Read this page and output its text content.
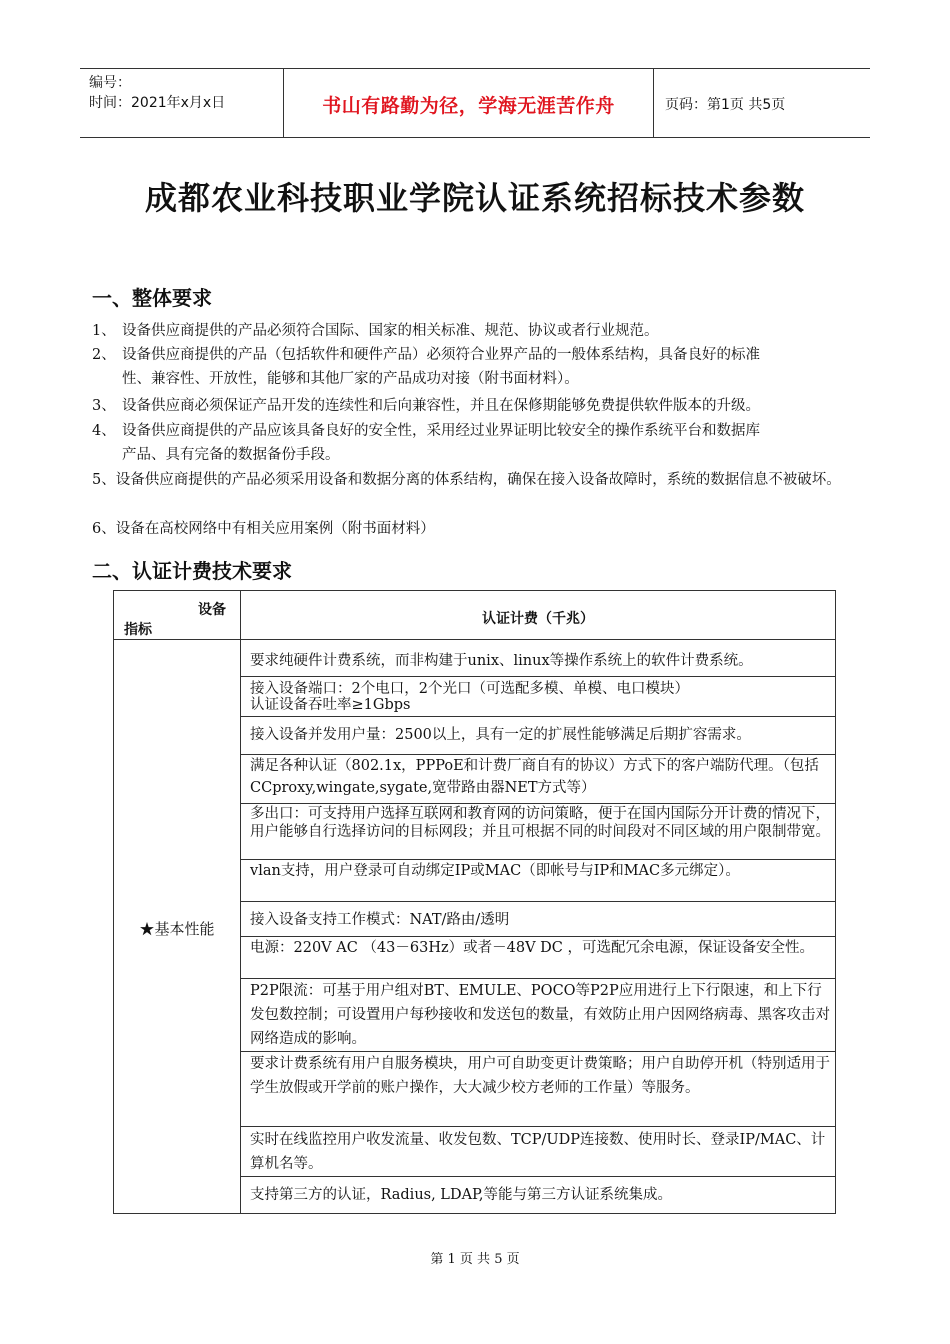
编号：
时间：2021年x月x日	书山有路勤为径，学海无涯苦作舟	页码：第1页 共5页
成都农业科技职业学院认证系统招标技术参数
一、整体要求
1、 设备供应商提供的产品必须符合国际、国家的相关标准、规范、协议或者行业规范。
2、 设备供应商提供的产品（包括软件和硬件产品）必须符合业界产品的一般体系结构，具备良好的标准
性、兼容性、开放性，能够和其他厂家的产品成功对接（附书面材料）。
3、 设备供应商必须保证产品开发的连续性和后向兼容性，并且在保修期能够免费提供软件版本的升级。
4、 设备供应商提供的产品应该具备良好的安全性，采用经过业界证明比较安全的操作系统平台和数据库
产品、具有完备的数据备份手段。
5、设备供应商提供的产品必须采用设备和数据分离的体系结构，确保在接入设备故障时，系统的数据信息不被破坏。
6、设备在高校网络中有相关应用案例（附书面材料）
二、认证计费技术要求
设备
指标
认证计费（千兆）
★基本性能
要求纯硬件计费系统，而非构建于unix、linux等操作系统上的软件计费系统。
接入设备端口：2个电口，2个光口（可选配多模、单模、电口模块）
认证设备吞吐率≥1Gbps
接入设备并发用户量：2500以上，具有一定的扩展性能够满足后期扩容需求。
满足各种认证（802.1x，PPPoE和计费厂商自有的协议）方式下的客户端防代理。（包括CCproxy,wingate,sygate,宽带路由器NET方式等）
多出口：可支持用户选择互联网和教育网的访问策略，便于在国内国际分开计费的情况下，用户能够自行选择访问的目标网段；并且可根据不同的时间段对不同区域的用户限制带宽。
vlan支持，用户登录可自动绑定IP或MAC（即帐号与IP和MAC多元绑定）。
接入设备支持工作模式：NAT/路由/透明
电源：220V AC （43－63Hz）或者－48V DC ，可选配冗余电源，保证设备安全性。
P2P限流：可基于用户组对BT、EMULE、POCO等P2P应用进行上下行限速，和上下行发包数控制；可设置用户每秒接收和发送包的数量，有效防止用户因网络病毒、黑客攻击对网络造成的影响。
要求计费系统有用户自服务模块，用户可自助变更计费策略；用户自助停开机（特别适用于学生放假或开学前的账户操作，大大减少校方老师的工作量）等服务。
实时在线监控用户收发流量、收发包数、TCP/UDP连接数、使用时长、登录IP/MAC、计算机名等。
支持第三方的认证，Radius, LDAP,等能与第三方认证系统集成。
第 1 页 共 5 页
